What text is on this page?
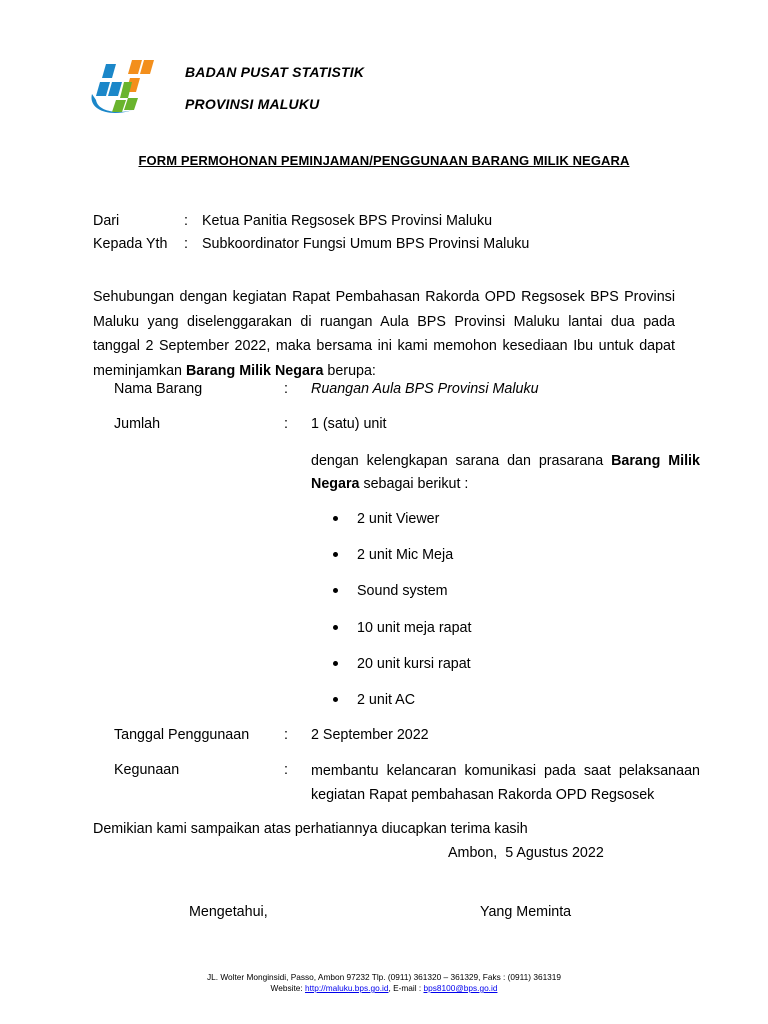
BADAN PUSAT STATISTIK
PROVINSI MALUKU
FORM PERMOHONAN PEMINJAMAN/PENGGUNAAN BARANG MILIK NEGARA
Dari	: Ketua Panitia Regsosek BPS Provinsi Maluku
Kepada Yth : Subkoordinator Fungsi Umum BPS Provinsi Maluku
Sehubungan dengan kegiatan Rapat Pembahasan Rakorda OPD Regsosek BPS Provinsi Maluku yang diselenggarakan di ruangan Aula BPS Provinsi Maluku lantai dua pada tanggal 2 September 2022, maka bersama ini kami memohon kesediaan Ibu untuk dapat meminjamkan Barang Milik Negara berupa:
Nama Barang	: Ruangan Aula BPS Provinsi Maluku
Jumlah	: 1 (satu) unit
dengan kelengkapan sarana dan prasarana Barang Milik Negara sebagai berikut :
2 unit Viewer
2 unit Mic Meja
Sound system
10 unit meja rapat
20 unit kursi rapat
2 unit AC
Tanggal Penggunaan : 2 September 2022
Kegunaan	: membantu kelancaran komunikasi pada saat pelaksanaan kegiatan Rapat pembahasan Rakorda OPD Regsosek
Demikian kami sampaikan atas perhatiannya diucapkan terima kasih
Ambon,  5 Agustus 2022
Mengetahui,	Yang Meminta
JL. Wolter Monginsidi, Passo, Ambon 97232 Tlp. (0911) 361320 – 361329, Faks : (0911) 361319
Website: http://maluku.bps.go.id, E-mail : bps8100@bps.go.id
